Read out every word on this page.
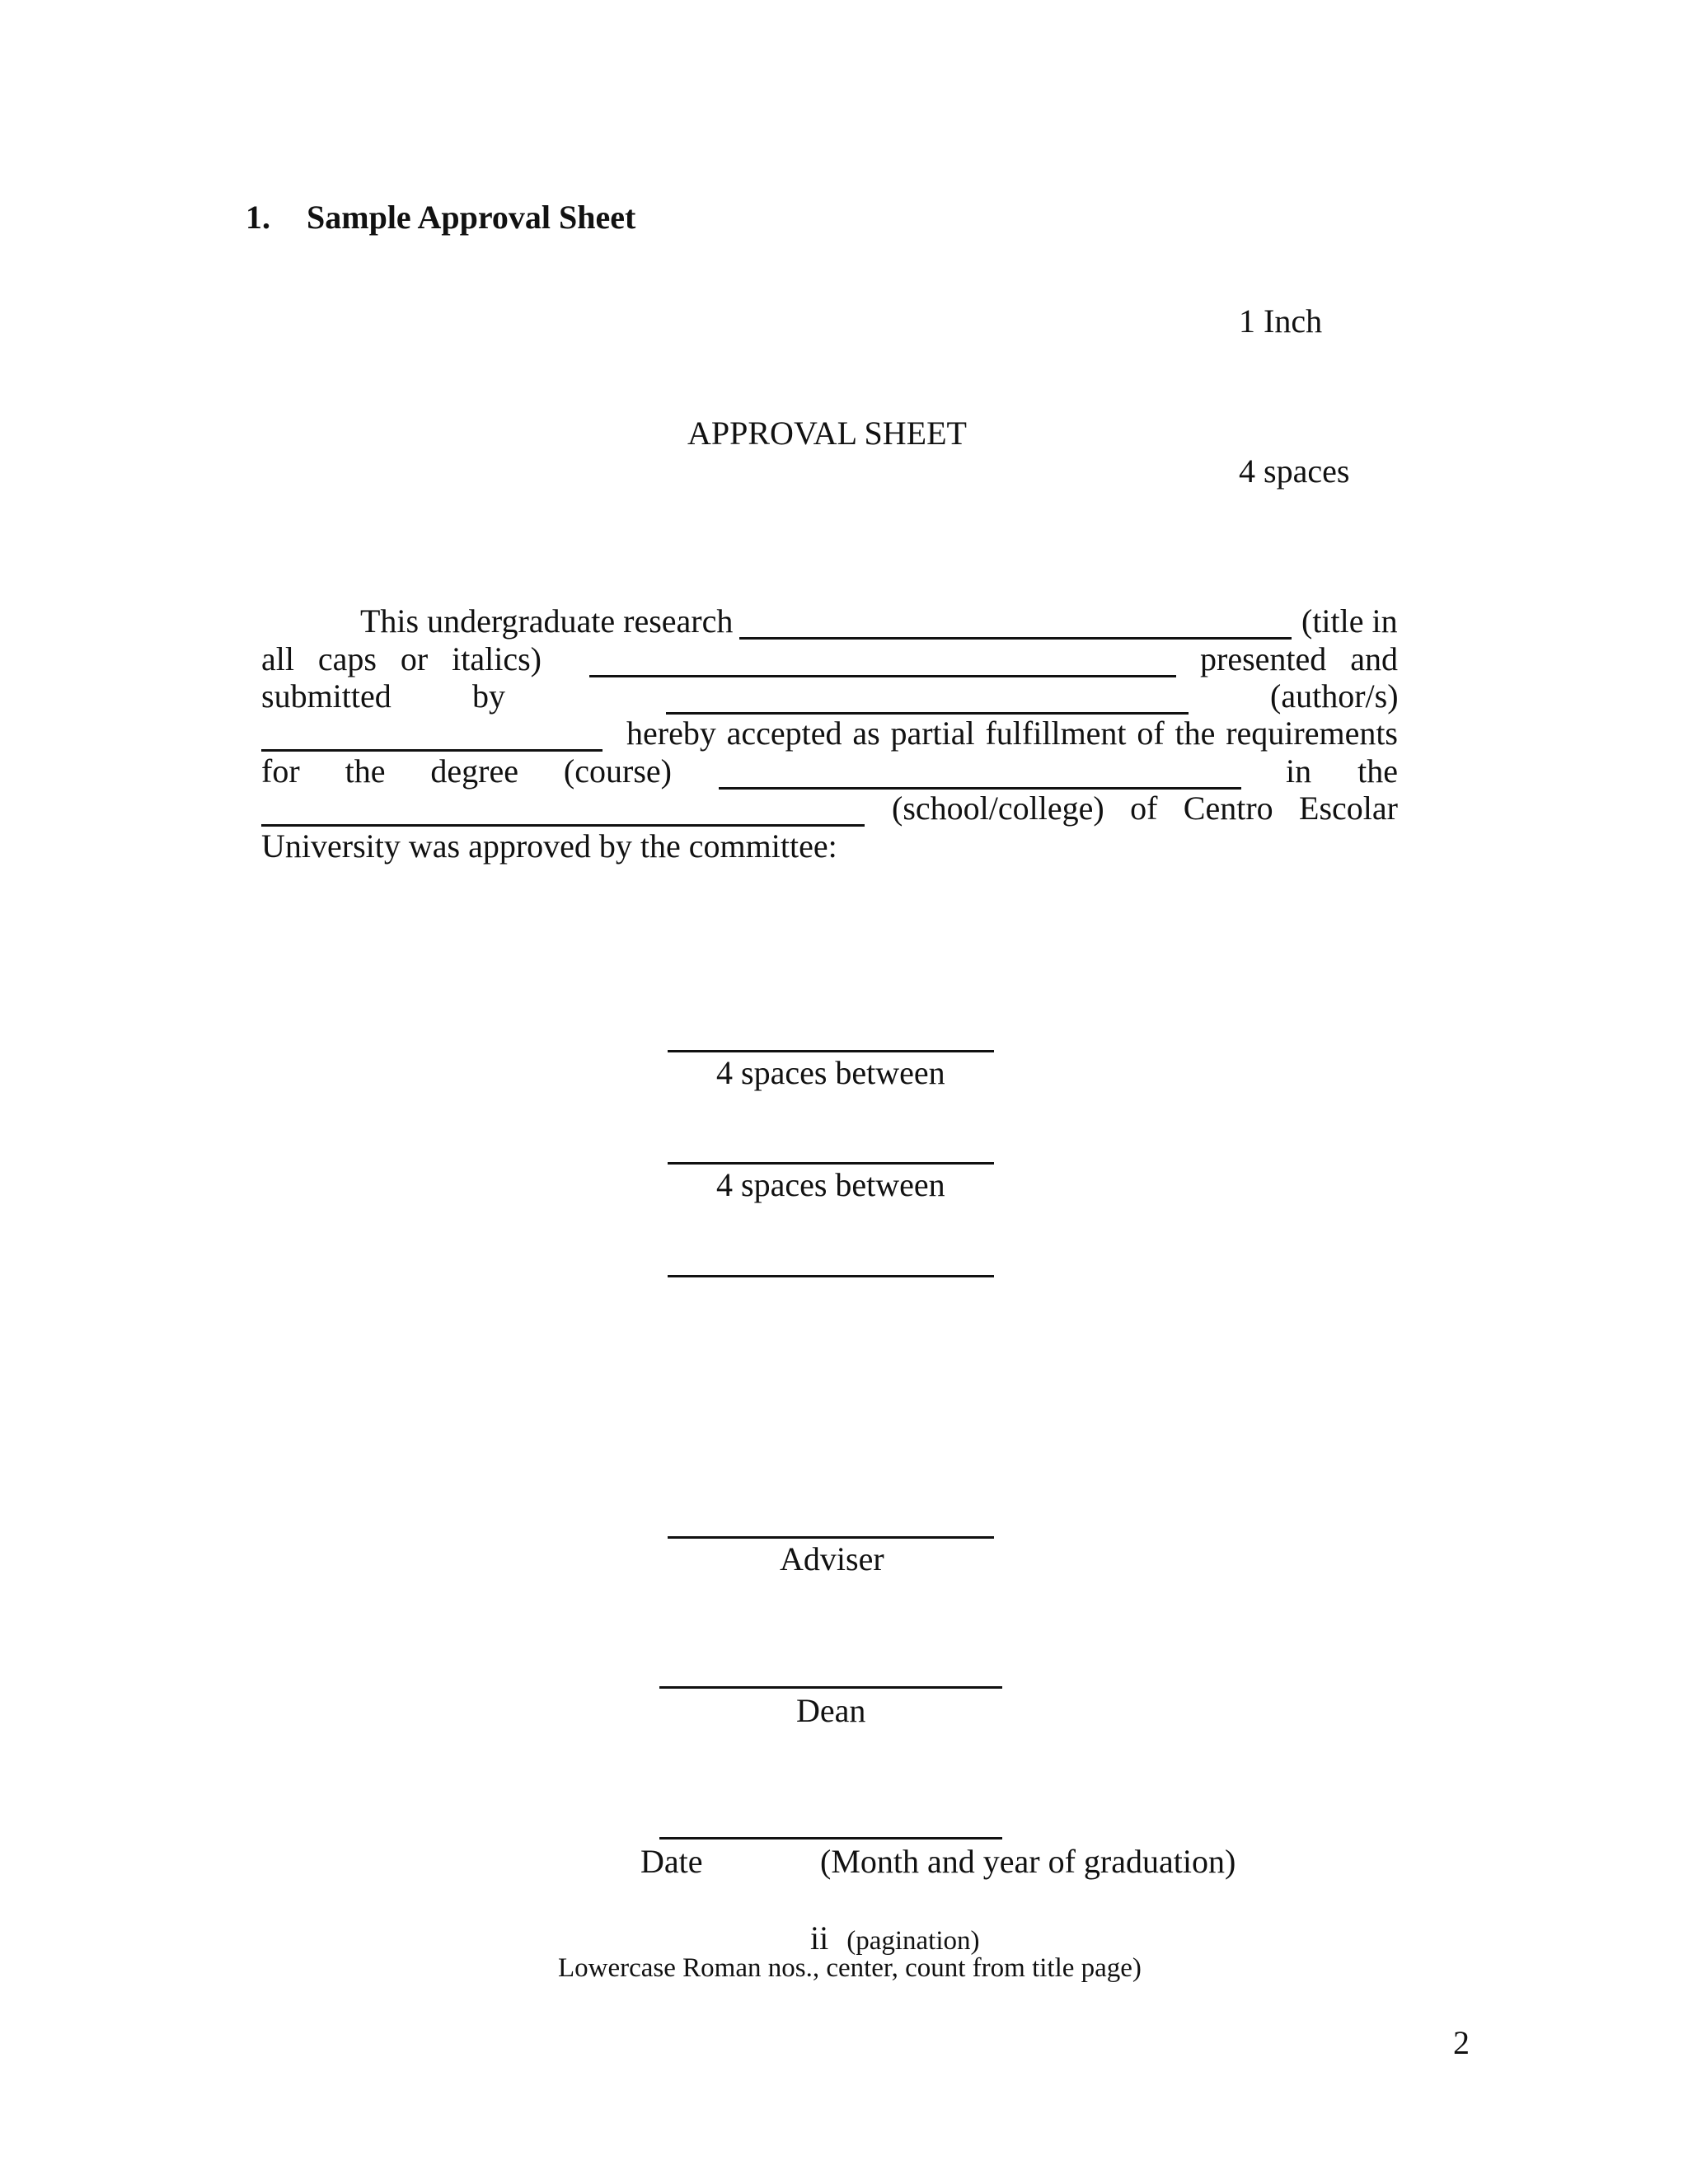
1. Sample Approval Sheet
1 Inch
APPROVAL SHEET
4 spaces
This undergraduate research	(title in
all caps or italics)	presented and
submitted by	(author/s)
hereby accepted as partial fulfillment of the requirements
for the degree (course)	in the
(school/college) of Centro Escolar
University was approved by the committee:
4 spaces between
4 spaces between
Adviser
Dean
Date	(Month and year of graduation)
ii (pagination)
Lowercase Roman nos., center, count from title page)
2
